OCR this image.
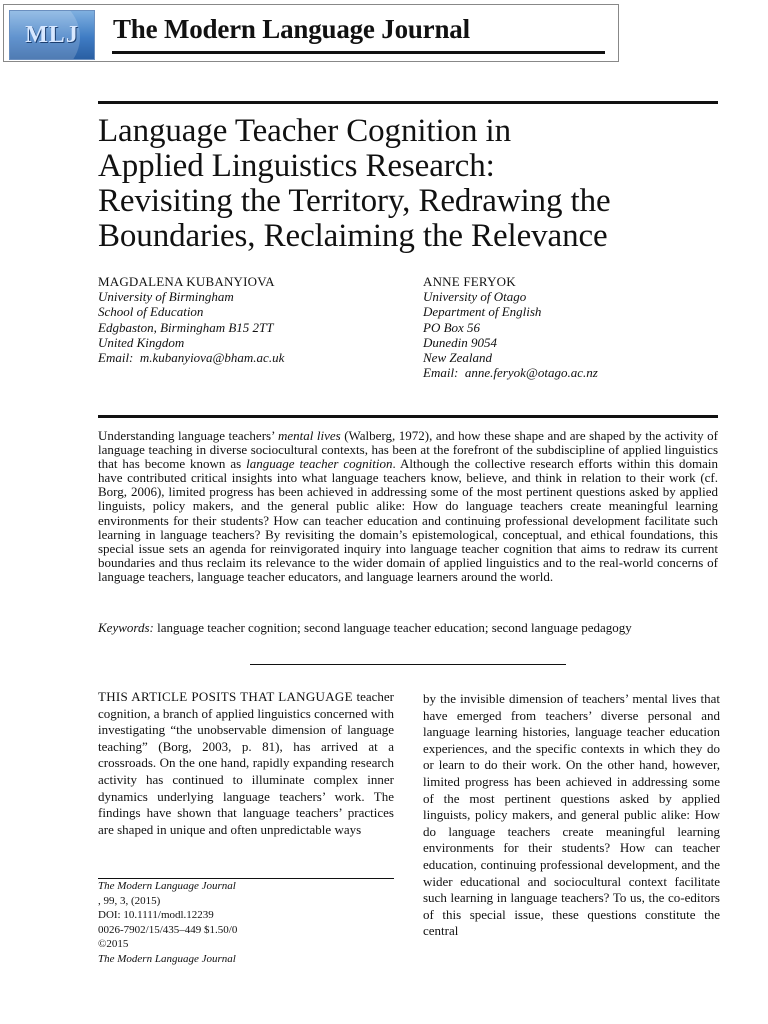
MLJ	The Modern Language Journal
Language Teacher Cognition in
Applied Linguistics Research:
Revisiting the Territory, Redrawing the
Boundaries, Reclaiming the Relevance
MAGDALENA KUBANYIOVA
University of Birmingham
School of Education
Edgbaston, Birmingham B15 2TT
United Kingdom
Email: m.kubanyiova@bham.ac.uk
ANNE FERYOK
University of Otago
Department of English
PO Box 56
Dunedin 9054
New Zealand
Email: anne.feryok@otago.ac.nz
Understanding language teachers’ mental lives (Walberg, 1972), and how these shape and are shaped by the activity of language teaching in diverse sociocultural contexts, has been at the forefront of the subdiscipline of applied linguistics that has become known as language teacher cognition. Although the collective research efforts within this domain have contributed critical insights into what language teachers know, believe, and think in relation to their work (cf. Borg, 2006), limited progress has been achieved in addressing some of the most pertinent questions asked by applied linguists, policy makers, and the general public alike: How do language teachers create meaningful learning environments for their students? How can teacher education and continuing professional development facilitate such learning in language teachers? By revisiting the domain’s epistemological, conceptual, and ethical foundations, this special issue sets an agenda for reinvigorated inquiry into language teacher cognition that aims to redraw its current boundaries and thus reclaim its relevance to the wider domain of applied linguistics and to the real-world concerns of language teachers, language teacher educators, and language learners around the world.
Keywords: language teacher cognition; second language teacher education; second language pedagogy
THIS ARTICLE POSITS THAT LANGUAGE teacher cognition, a branch of applied linguistics concerned with investigating “the unobservable dimension of language teaching” (Borg, 2003, p. 81), has arrived at a crossroads. On the one hand, rapidly expanding research activity has continued to illuminate complex inner dynamics underlying language teachers’ work. The findings have shown that language teachers’ practices are shaped in unique and often unpredictable ways
by the invisible dimension of teachers’ mental lives that have emerged from teachers’ diverse personal and language learning histories, language teacher education experiences, and the specific contexts in which they do or learn to do their work. On the other hand, however, limited progress has been achieved in addressing some of the most pertinent questions asked by applied linguists, policy makers, and general public alike: How do language teachers create meaningful learning environments for their students? How can teacher education, continuing professional development, and the wider educational and sociocultural context facilitate such learning in language teachers? To us, the co-editors of this special issue, these questions constitute the central
The Modern Language Journal
, 99, 3, (2015)
DOI: 10.1111/modl.12239
0026-7902/15/435–449 $1.50/0
©2015
The Modern Language Journal
